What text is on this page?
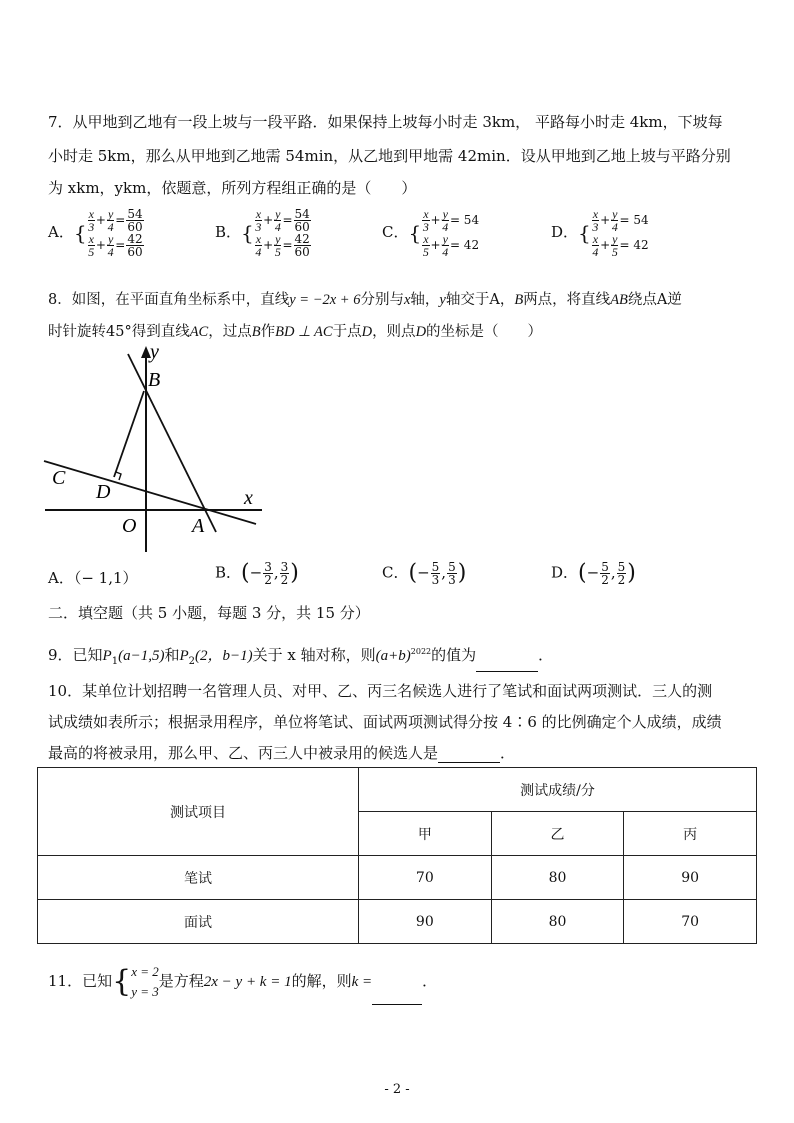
7．从甲地到乙地有一段上坡与一段平路．如果保持上坡每小时走 3km， 平路每小时走 4km，下坡每
小时走 5km，那么从甲地到乙地需 54min，从乙地到甲地需 42min．设从甲地到乙地上坡与平路分别
为 xkm，ykm，依题意，所列方程组正确的是（　　）
A．{ $\frac{x}{3} + \frac{y}{4} = \frac{54}{60}$
$\frac{x}{5} + \frac{y}{4} = \frac{42}{60}$
B．{ $\frac{x}{3} + \frac{y}{4} = \frac{54}{60}$
$\frac{x}{4} + \frac{y}{5} = \frac{42}{60}$
C．{ $\frac{x}{3} + \frac{y}{4} = 54$
$\frac{x}{5} + \frac{y}{4} = 42$
D．{ $\frac{x}{3} + \frac{y}{4} = 54$
$\frac{x}{4} + \frac{y}{5} = 42$
8．如图，在平面直角坐标系中，直线y = −2x + 6分别与x轴，y轴交于A，B两点，将直线AB绕点A逆
时针旋转45°得到直线AC，过点B作BD ⊥ AC于点D，则点D的坐标是（　　）
y
B
C
D	x
O	A
A．（− 1,1）	B．(− $\frac{3}{2}$ , $\frac{3}{2}$ )	C．(− $\frac{5}{3}$ , $\frac{5}{3}$ )	D．(− $\frac{5}{2}$ , $\frac{5}{2}$ )
二．填空题（共 5 小题，每题 3 分，共 15 分）
9．已知$P_1(a-1,5)$和$P_2(2$，b−1)关于 x 轴对称，则$(a+b)^{2022}$的值为	．
10．某单位计划招聘一名管理人员、对甲、乙、丙三名候选人进行了笔试和面试两项测试．三人的测
试成绩如表所示；根据录用程序，单位将笔试、面试两项测试得分按 4∶6 的比例确定个人成绩，成绩
最高的将被录用，那么甲、乙、丙三人中被录用的候选人是	．
测试项目	测试成绩/分		
	甲	乙	丙
笔试	70	80	90
面试	90	80	70
11．已知{ x = 2
y = 3
是方程2x − y + k = 1的解，则k =	．
- 2 -
